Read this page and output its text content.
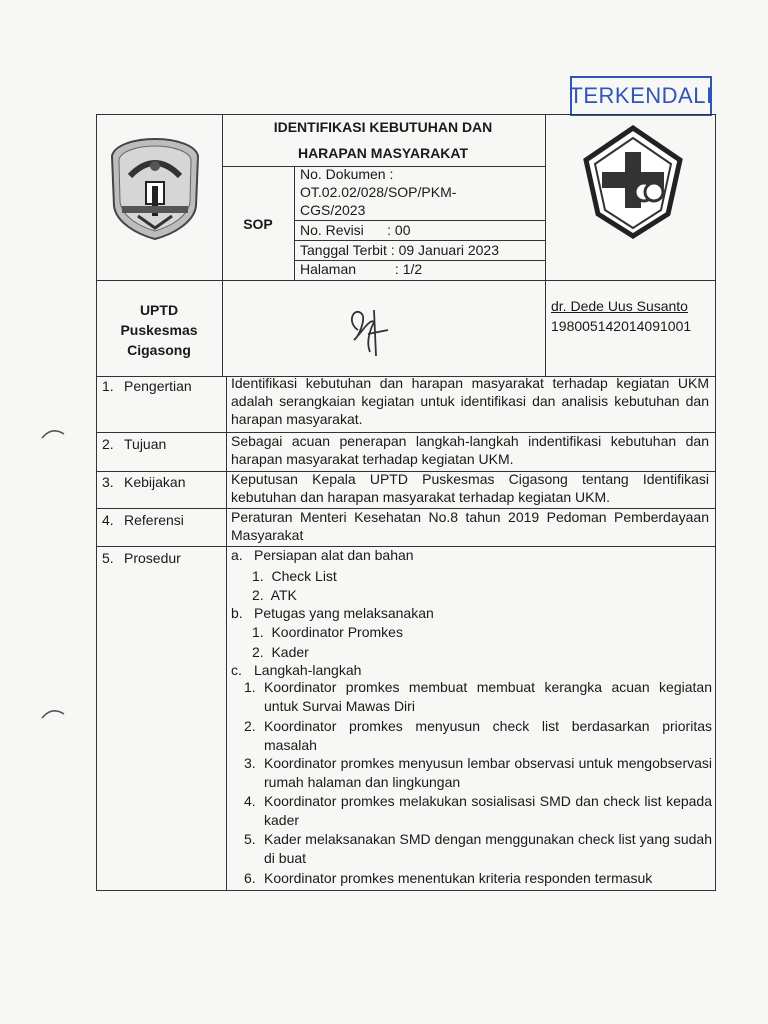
TERKENDALI
IDENTIFIKASI KEBUTUHAN DAN
HARAPAN MASYARAKAT
SOP
No. Dokumen :
OT.02.02/028/SOP/PKM-
CGS/2023
No. Revisi      : 00
Tanggal Terbit : 09 Januari 2023
Halaman          : 1/2
UPTD
Puskesmas
Cigasong
dr. Dede Uus Susanto
198005142014091001
1. Pengertian
2. Tujuan
3. Kebijakan
4. Referensi
5. Prosedur
Identifikasi kebutuhan dan harapan masyarakat terhadap kegiatan UKM adalah serangkaian kegiatan untuk identifikasi dan analisis kebutuhan dan harapan masyarakat.
Sebagai acuan penerapan langkah-langkah indentifikasi kebutuhan dan harapan masyarakat terhadap kegiatan UKM.
Keputusan Kepala UPTD Puskesmas Cigasong tentang Identifikasi kebutuhan dan harapan masyarakat terhadap kegiatan UKM.
Peraturan Menteri Kesehatan No.8 tahun 2019 Pedoman Pemberdayaan Masyarakat
a. Persiapan alat dan bahan
1.  Check List
2.  ATK
b. Petugas yang melaksanakan
1.  Koordinator Promkes
2.  Kader
c. Langkah-langkah
1. Koordinator promkes membuat membuat kerangka acuan kegiatan untuk Survai Mawas Diri
2. Koordinator promkes menyusun check list berdasarkan prioritas masalah
3. Koordinator promkes menyusun lembar observasi untuk mengobservasi rumah halaman dan lingkungan
4. Koordinator promkes melakukan sosialisasi SMD dan check list kepada kader
5. Kader melaksanakan SMD dengan menggunakan check list yang sudah di buat
6. Koordinator promkes menentukan kriteria responden termasuk
